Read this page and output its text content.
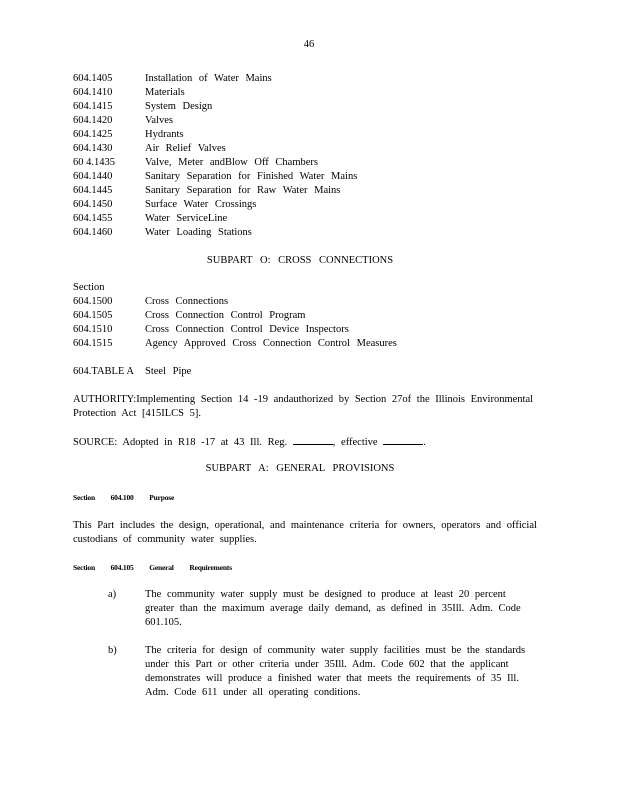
46
604.1405	Installation of Water Mains
604.1410	Materials
604.1415	System Design
604.1420	Valves
604.1425	Hydrants
604.1430	Air Relief Valves
60 4.1435	Valve, Meter andBlow Off Chambers
604.1440	Sanitary Separation for Finished Water Mains
604.1445	Sanitary Separation for Raw Water Mains
604.1450	Surface Water Crossings
604.1455	Water ServiceLine
604.1460	Water Loading Stations
SUBPART O: CROSS CONNECTIONS
Section
604.1500	Cross Connections
604.1505	Cross Connection Control Program
604.1510	Cross Connection Control Device Inspectors
604.1515	Agency Approved Cross Connection Control Measures
604.TABLE A	Steel Pipe
AUTHORITY:Implementing Section 14 -19 andauthorized by Section 27of the Illinois Environmental Protection Act [415ILCS 5].
SOURCE: Adopted in R18 -17 at 43 Ill. Reg.	, effective	.
SUBPART A: GENERAL PROVISIONS
Section 604.100 Purpose
This Part includes the design, operational, and maintenance criteria for owners, operators and official custodians of community water supplies.
Section 604.105 General Requirements
a)	The community water supply must be designed to produce at least 20 percent greater than the maximum average daily demand, as defined in 35Ill. Adm. Code 601.105.
b)	The criteria for design of community water supply facilities must be the standards under this Part or other criteria under 35Ill. Adm. Code 602 that the applicant demonstrates will produce a finished water that meets the requirements of 35 Ill. Adm. Code 611 under all operating conditions.
